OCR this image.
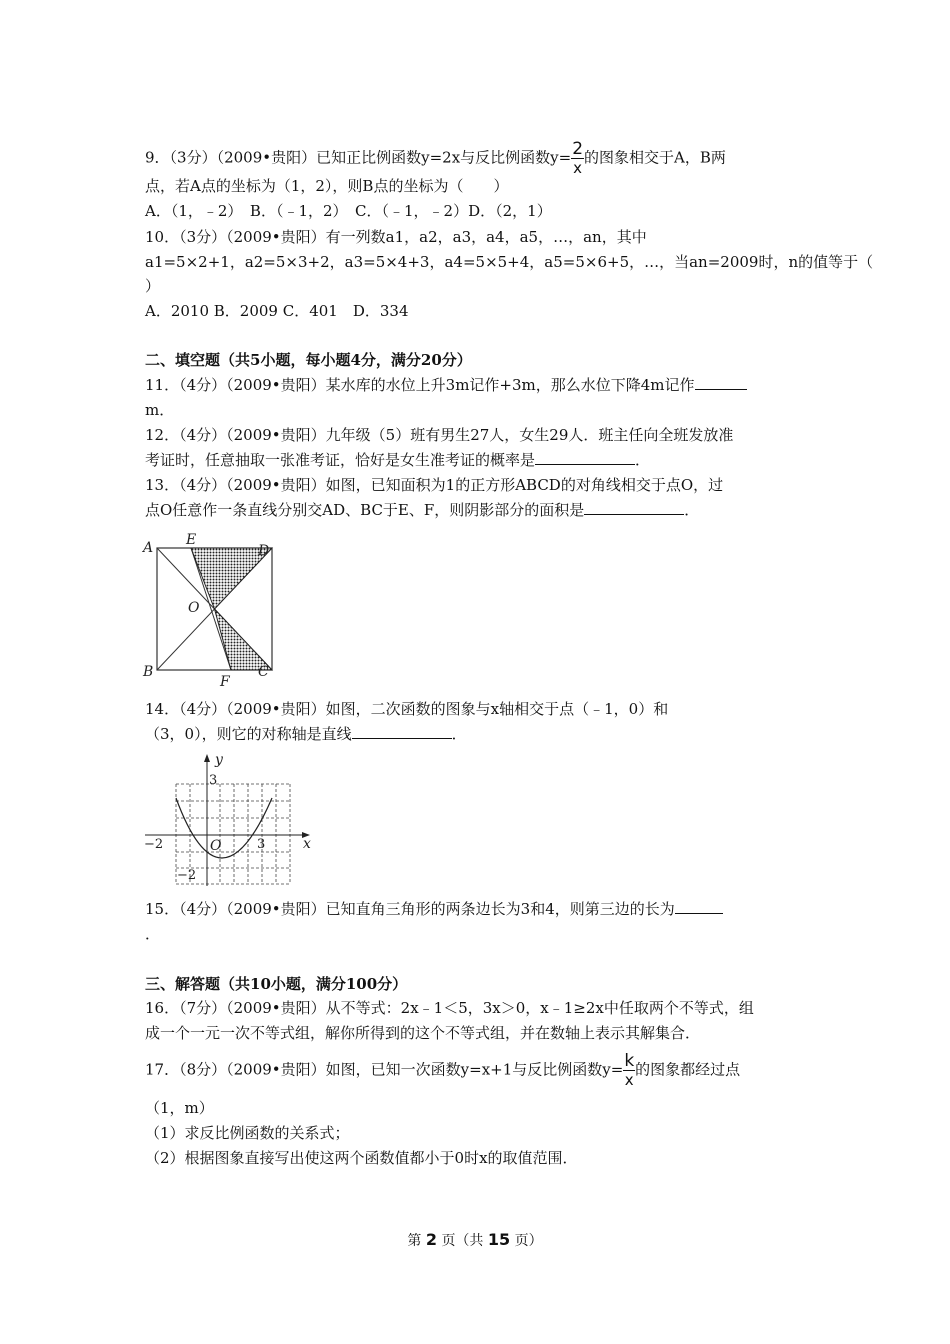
9．（3分）（2009•贵阳）已知正比例函数y=2x与反比例函数$y= \frac{2}{x}$ 的图象相交于A，B两
点，若A点的坐标为（1，2），则B点的坐标为（　　）
A．（1，﹣2）　B．（﹣1，2）　C．（﹣1，﹣2）D．（2，1）
10．（3分）（2009•贵阳）有一列数a1，a2，a3，a4，a5，…，an，其中
a1=5×2+1，a2=5×3+2，a3=5×4+3，a4=5×5+4，a5=5×6+5，…，当an=2009时，n的值等于（
）
A．2010 B．2009 C．401　D．334
二、填空题（共5小题，每小题4分，满分20分）
11．（4分）（2009•贵阳）某水库的水位上升3m记作+3m，那么水位下降4m记作
m．
12．（4分）（2009•贵阳）九年级（5）班有男生27人，女生29人．班主任向全班发放准
考证时，任意抽取一张准考证，恰好是女生准考证的概率是	．
13．（4分）（2009•贵阳）如图，已知面积为1的正方形ABCD的对角线相交于点O，过
点O任意作一条直线分别交AD、BC于E、F，则阴影部分的面积是	．
A E
D
O
B
F
C
14．（4分）（2009•贵阳）如图，二次函数的图象与x轴相交于点（﹣1，0）和
（3，0），则它的对称轴是直线	．
y
x
O
3
3
−2
−2
15．（4分）（2009•贵阳）已知直角三角形的两条边长为3和4，则第三边的长为
．
三、解答题（共10小题，满分100分）
16．（7分）（2009•贵阳）从不等式：2x﹣1＜5，3x＞0，x﹣1≥2x中任取两个不等式，组
成一个一元一次不等式组，解你所得到的这个不等式组，并在数轴上表示其解集合．
17．（8分）（2009•贵阳）如图，已知一次函数y=x+1与反比例函数$y= \frac{k}{x}$ 的图象都经过点
（1，m）
（1）求反比例函数的关系式；
（2）根据图象直接写出使这两个函数值都小于0时x的取值范围．
第 2 页（共 15 页）
